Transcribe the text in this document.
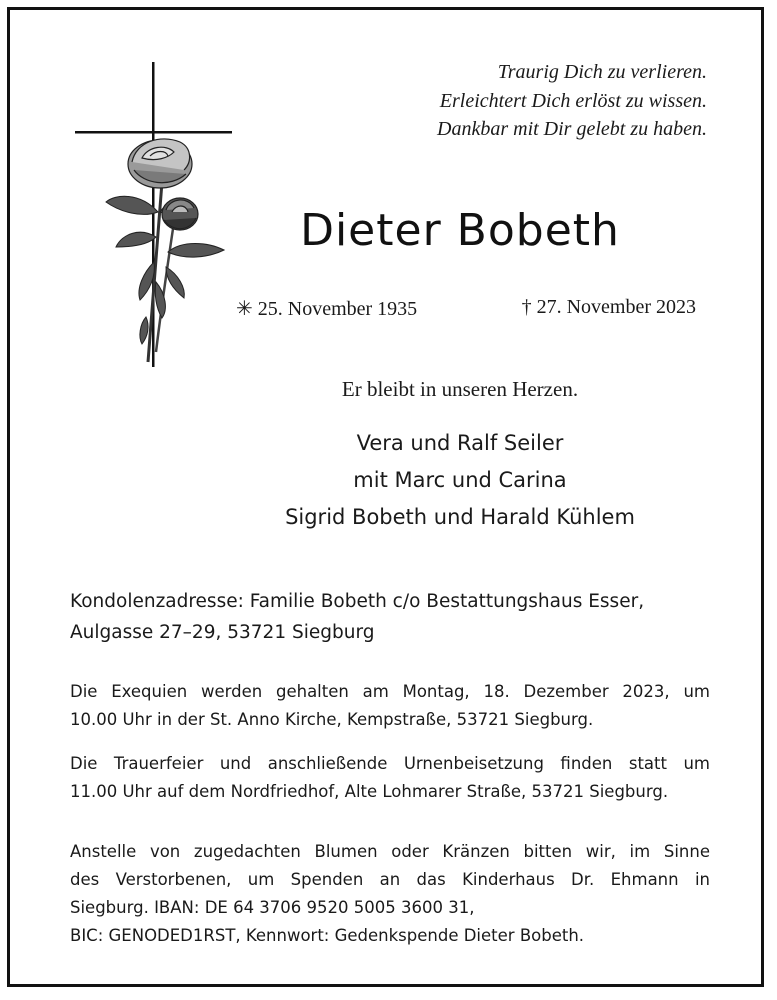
Traurig Dich zu verlieren.
Erleichtert Dich erlöst zu wissen.
Dankbar mit Dir gelebt zu haben.
Dieter Bobeth
✳ 25. November 1935	† 27. November 2023
Er bleibt in unseren Herzen.
Vera und Ralf Seiler
mit Marc und Carina
Sigrid Bobeth und Harald Kühlem
Kondolenzadresse: Familie Bobeth c/o Bestattungshaus Esser,
Aulgasse 27–29, 53721 Siegburg
Die Exequien werden gehalten am Montag, 18. Dezember 2023, um
10.00 Uhr in der St. Anno Kirche, Kempstraße, 53721 Siegburg.
Die Trauerfeier und anschließende Urnenbeisetzung finden statt um
11.00 Uhr auf dem Nordfriedhof, Alte Lohmarer Straße, 53721 Siegburg.
Anstelle von zugedachten Blumen oder Kränzen bitten wir, im Sinne
des Verstorbenen, um Spenden an das Kinderhaus Dr. Ehmann in
Siegburg. IBAN: DE 64 3706 9520 5005 3600 31,
BIC: GENODED1RST, Kennwort: Gedenkspende Dieter Bobeth.
